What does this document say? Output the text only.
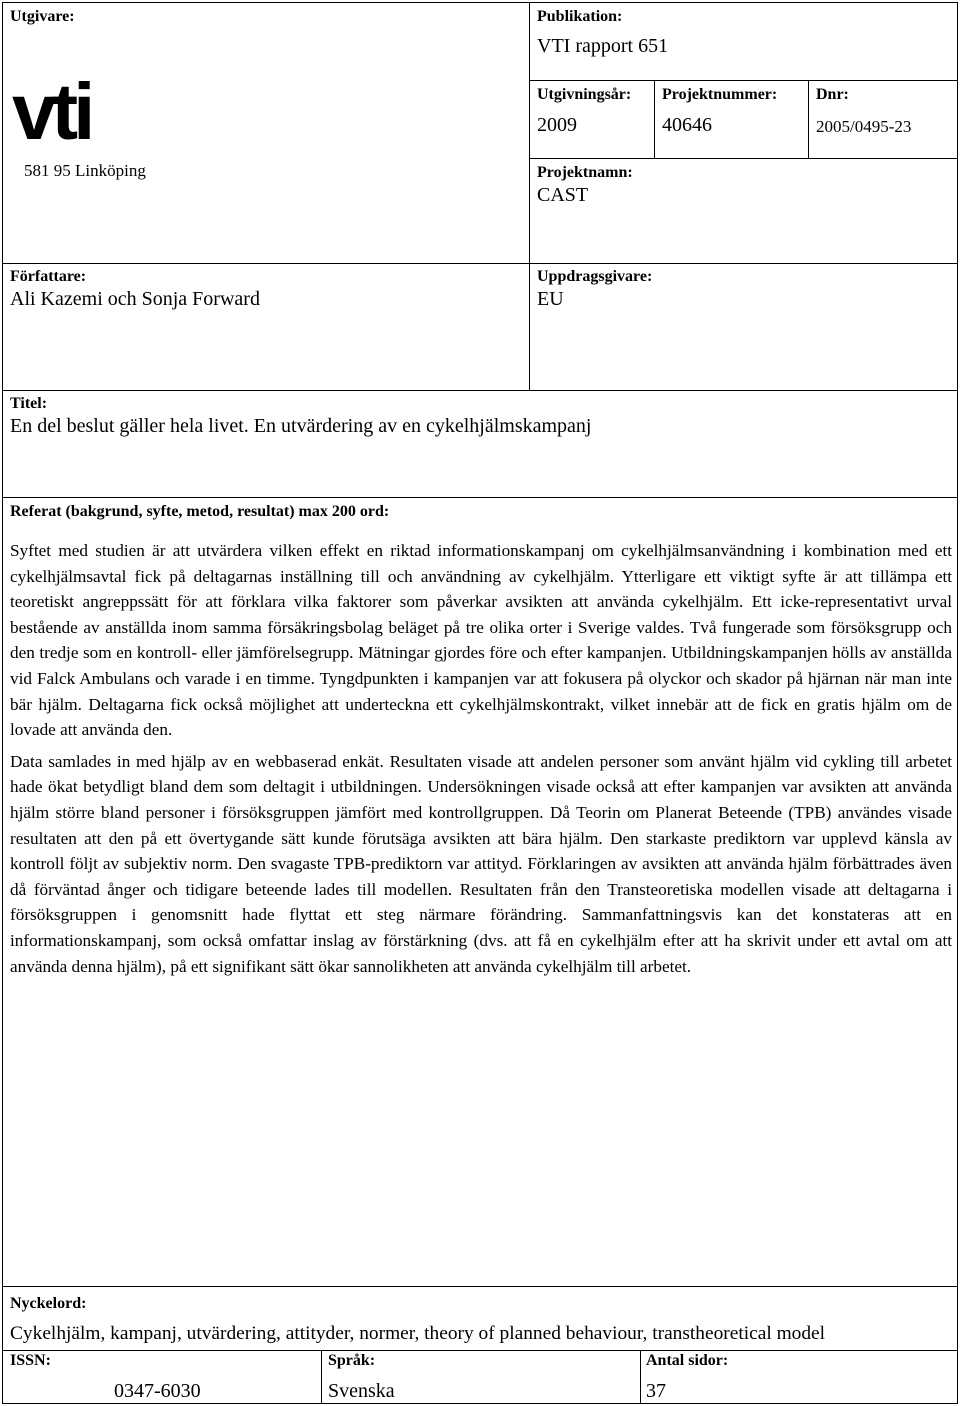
Utgivare:
vti
581 95 Linköping
Publikation:
VTI rapport 651
Utgivningsår:
2009
Projektnummer:
40646
Dnr:
2005/0495-23
Projektnamn:
CAST
Författare:
Ali Kazemi och Sonja Forward
Uppdragsgivare:
EU
Titel:
En del beslut gäller hela livet. En utvärdering av en cykelhjälmskampanj
Referat (bakgrund, syfte, metod, resultat) max 200 ord:

Syftet med studien är att utvärdera vilken effekt en riktad informationskampanj om cykelhjälmsanvändning i kombination med ett cykelhjälmsavtal fick på deltagarnas inställning till och användning av cykelhjälm. Ytterligare ett viktigt syfte är att tillämpa ett teoretiskt angreppssätt för att förklara vilka faktorer som påverkar avsikten att använda cykelhjälm. Ett icke-representativt urval bestående av anställda inom samma försäkringsbolag beläget på tre olika orter i Sverige valdes. Två fungerade som försöksgrupp och den tredje som en kontroll- eller jämförelsegrupp. Mätningar gjordes före och efter kampanjen. Utbildningskampanjen hölls av anställda vid Falck Ambulans och varade i en timme. Tyngdpunkten i kampanjen var att fokusera på olyckor och skador på hjärnan när man inte bär hjälm. Deltagarna fick också möjlighet att underteckna ett cykelhjälmskontrakt, vilket innebär att de fick en gratis hjälm om de lovade att använda den.

Data samlades in med hjälp av en webbaserad enkät. Resultaten visade att andelen personer som använt hjälm vid cykling till arbetet hade ökat betydligt bland dem som deltagit i utbildningen. Undersökningen visade också att efter kampanjen var avsikten att använda hjälm större bland personer i försöksgruppen jämfört med kontrollgruppen. Då Teorin om Planerat Beteende (TPB) användes visade resultaten att den på ett övertygande sätt kunde förutsäga avsikten att bära hjälm. Den starkaste prediktorn var upplevd känsla av kontroll följt av subjektiv norm. Den svagaste TPB-prediktorn var attityd. Förklaringen av avsikten att använda hjälm förbättrades även då förväntad ånger och tidigare beteende lades till modellen. Resultaten från den Transteoretiska modellen visade att deltagarna i försöksgruppen i genomsnitt hade flyttat ett steg närmare förändring. Sammanfattningsvis kan det konstateras att en informationskampanj, som också omfattar inslag av förstärkning (dvs. att få en cykelhjälm efter att ha skrivit under ett avtal om att använda denna hjälm), på ett signifikant sätt ökar sannolikheten att använda cykelhjälm till arbetet.

Nyckelord:
Cykelhjälm, kampanj, utvärdering, attityder, normer, theory of planned behaviour, transtheoretical model
ISSN:
0347-6030
Språk:
Svenska
Antal sidor:
37
